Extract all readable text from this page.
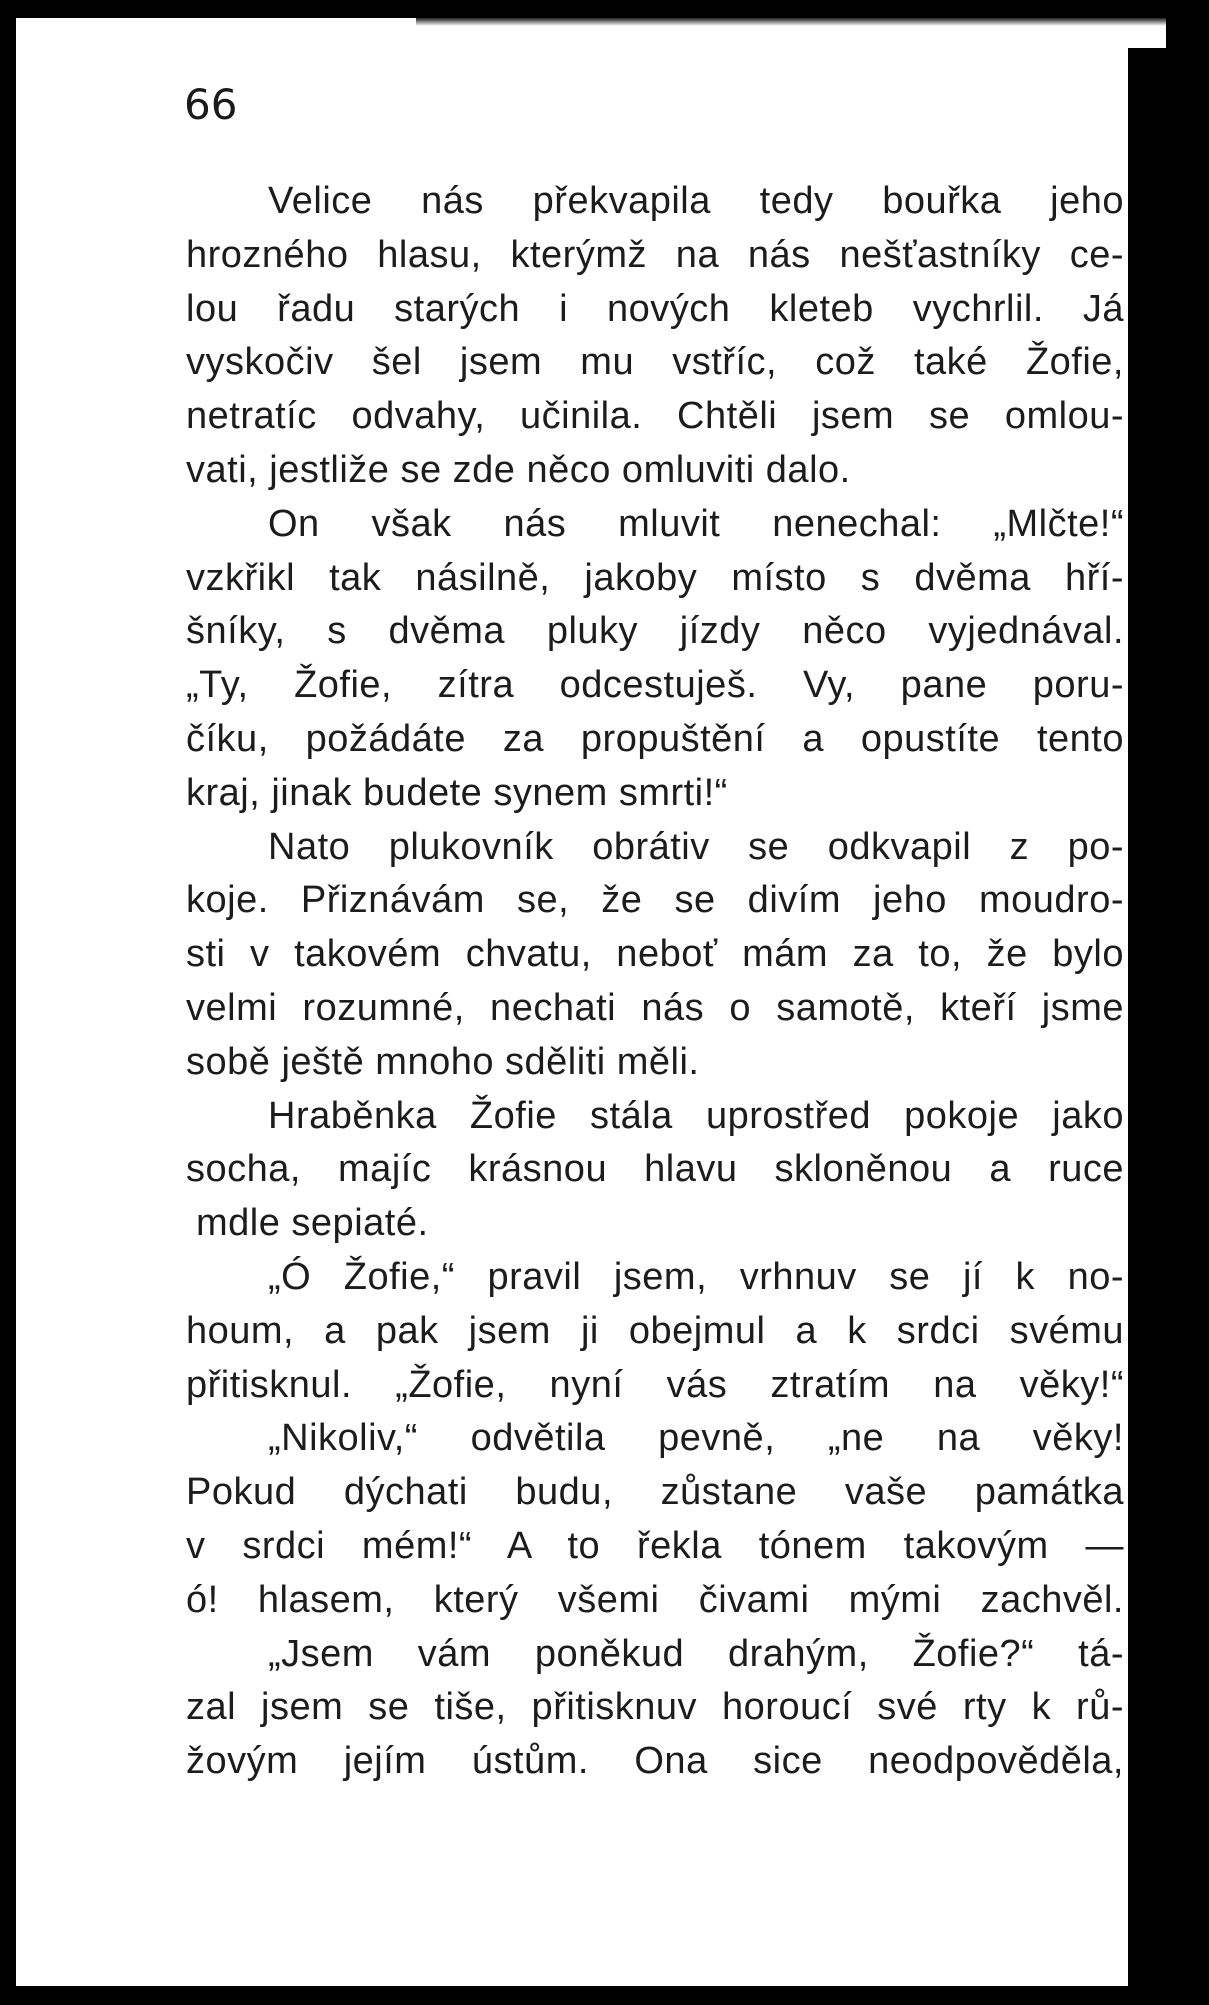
66
Velice nás překvapila tedy bouřka jeho
hrozného hlasu, kterýmž na nás nešťastníky ce-
lou řadu starých i nových kleteb vychrlil. Já
vyskočiv šel jsem mu vstříc, což také Žofie,
netratíc odvahy, učinila. Chtěli jsem se omlou-
vati, jestliže se zde něco omluviti dalo.
On však nás mluvit nenechal: „Mlčte!“
vzkřikl tak násilně, jakoby místo s dvěma hří-
šníky, s dvěma pluky jízdy něco vyjednával.
„Ty, Žofie, zítra odcestuješ. Vy, pane poru-
číku, požádáte za propuštění a opustíte tento
kraj, jinak budete synem smrti!“
Nato plukovník obrátiv se odkvapil z po-
koje. Přiznávám se, že se divím jeho moudro-
sti v takovém chvatu, neboť mám za to, že bylo
velmi rozumné, nechati nás o samotě, kteří jsme
sobě ještě mnoho sděliti měli.
Hraběnka Žofie stála uprostřed pokoje jako
socha, majíc krásnou hlavu skloněnou a ruce
mdle sepiaté.
„Ó Žofie,“ pravil jsem, vrhnuv se jí k no-
houm, a pak jsem ji obejmul a k srdci svému
přitisknul. „Žofie, nyní vás ztratím na věky!“
„Nikoliv,“ odvětila pevně, „ne na věky!
Pokud dýchati budu, zůstane vaše památka
v srdci mém!“ A to řekla tónem takovým —
ó! hlasem, který všemi čivami mými zachvěl.
„Jsem vám poněkud drahým, Žofie?“ tá-
zal jsem se tiše, přitisknuv horoucí své rty k rů-
žovým jejím ústům. Ona sice neodpověděla,
